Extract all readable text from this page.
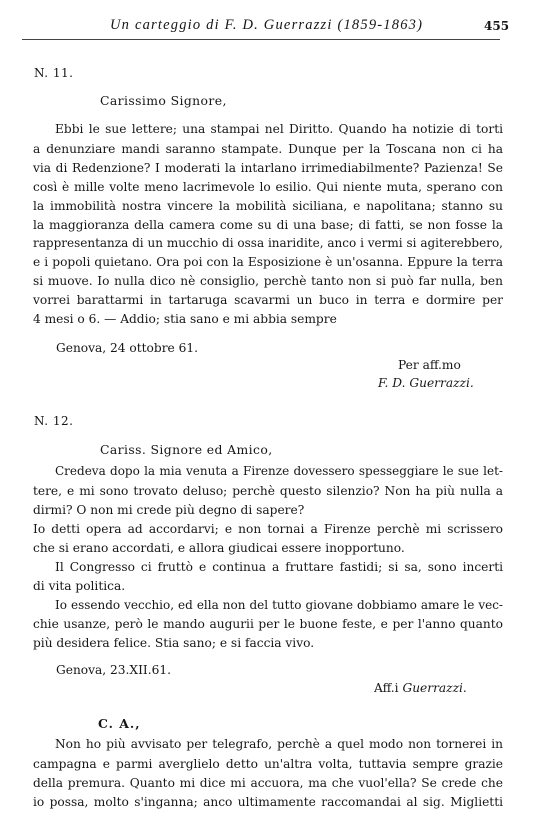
Un carteggio di F. D. Guerrazzi (1859-1863)	455
N. 11.
Carissimo Signore,
Ebbi le sue lettere; una stampai nel Diritto. Quando ha notizie di torti
a denunziare mandi saranno stampate. Dunque per la Toscana non ci ha
via di Redenzione? I moderati la intarlano irrimediabilmente? Pazienza! Se
così è mille volte meno lacrimevole lo esilio. Qui niente muta, sperano con
la immobilità nostra vincere la mobilità siciliana, e napolitana; stanno su
la maggioranza della camera come su di una base; di fatti, se non fosse la
rappresentanza di un mucchio di ossa inaridite, anco i vermi si agiterebbero,
e i popoli quietano. Ora poi con la Esposizione è un'osanna. Eppure la terra
si muove. Io nulla dico nè consiglio, perchè tanto non si può far nulla, ben
vorrei barattarmi in tartaruga scavarmi un buco in terra e dormire per
4 mesi o 6. — Addio; stia sano e mi abbia sempre
Genova, 24 ottobre 61.
Per aff.mo
F. D. Guerrazzi.
N. 12.
Cariss. Signore ed Amico,
Credeva dopo la mia venuta a Firenze dovessero spesseggiare le sue let-
tere, e mi sono trovato deluso; perchè questo silenzio? Non ha più nulla a
dirmi? O non mi crede più degno di sapere?
Io detti opera ad accordarvi; e non tornai a Firenze perchè mi scrissero
che si erano accordati, e allora giudicai essere inopportuno.
Il Congresso ci fruttò e continua a fruttare fastidi; si sa, sono incerti
di vita politica.
Io essendo vecchio, ed ella non del tutto giovane dobbiamo amare le vec-
chie usanze, però le mando augurii per le buone feste, e per l'anno quanto
più desidera felice. Stia sano; e si faccia vivo.
Genova, 23.XII.61.
Aff.i Guerrazzi.
C. A.,
Non ho più avvisato per telegrafo, perchè a quel modo non tornerei in
campagna e parmi averglielo detto un'altra volta, tuttavia sempre grazie
della premura. Quanto mi dice mi accuora, ma che vuol'ella? Se crede che
io possa, molto s'inganna; anco ultimamente raccomandai al sig. Miglietti
